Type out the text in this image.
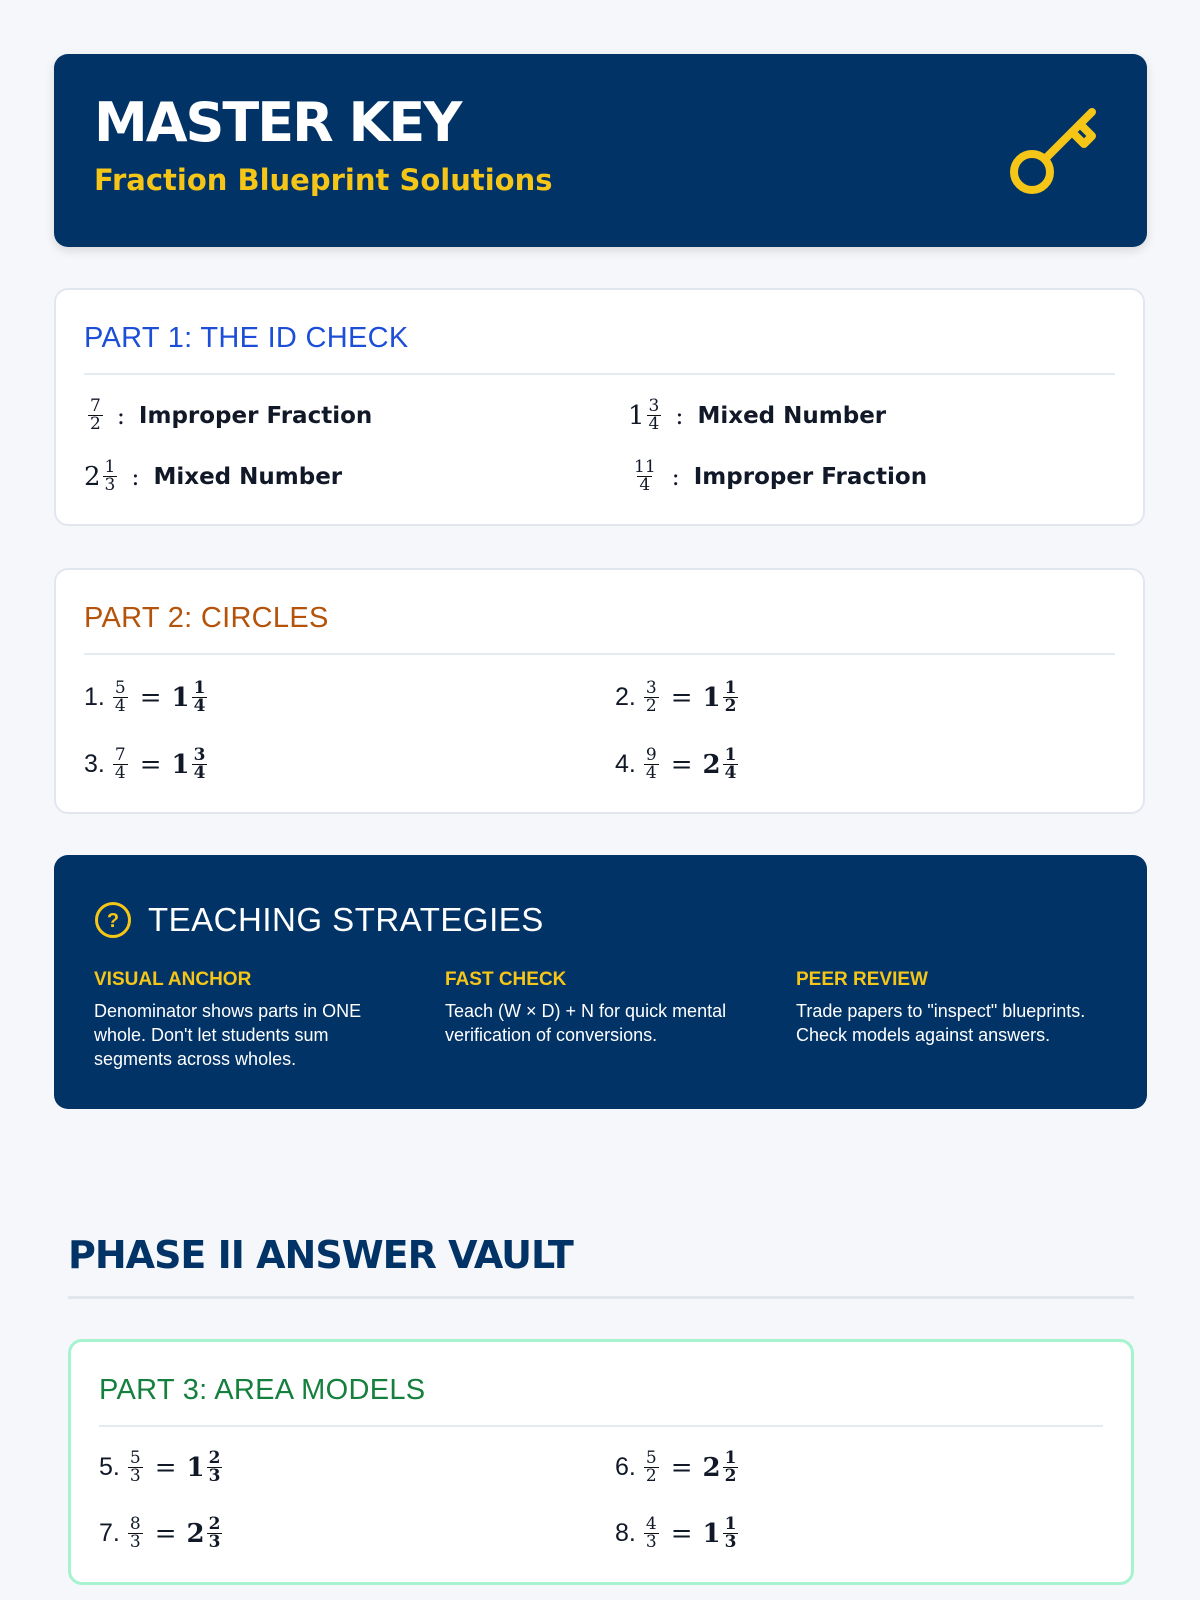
MASTER KEY
Fraction Blueprint Solutions
PART 1: THE ID CHECK
$\frac{7}{2}$ : Improper Fraction	$1 \frac{3}{4}$ : Mixed Number
$2 \frac{1}{3}$ : Mixed Number	$\frac{11}{4}$ : Improper Fraction
PART 2: CIRCLES
1. $\frac{5}{4} = 1 \frac{1}{4}$	2. $\frac{3}{2} = 1 \frac{1}{2}$
3. $\frac{7}{4} = 1 \frac{3}{4}$	4. $\frac{9}{4} = 2 \frac{1}{4}$
? TEACHING STRATEGIES
VISUAL ANCHOR
Denominator shows parts in ONE whole. Don't let students sum segments across wholes.
FAST CHECK
Teach (W × D) + N for quick mental verification of conversions.
PEER REVIEW
Trade papers to "inspect" blueprints. Check models against answers.
PHASE II ANSWER VAULT
PART 3: AREA MODELS
5. $\frac{5}{3} = 1 \frac{2}{3}$	6. $\frac{5}{2} = 2 \frac{1}{2}$
7. $\frac{8}{3} = 2 \frac{2}{3}$	8. $\frac{4}{3} = 1 \frac{1}{3}$
